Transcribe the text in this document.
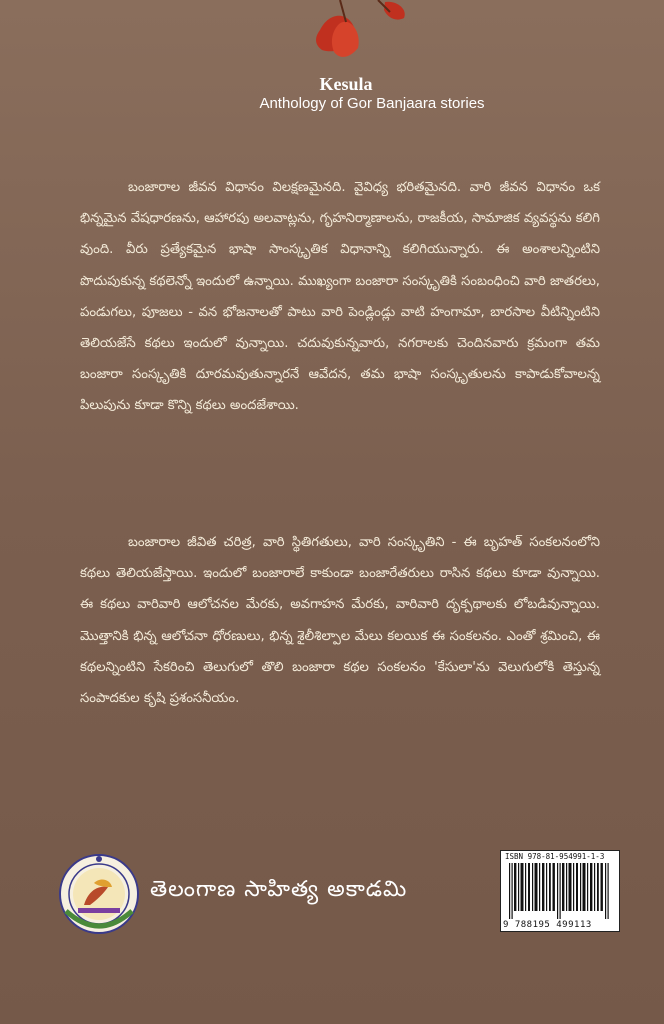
Kesula
Anthology of Gor Banjaara stories

బంజారాల జీవన విధానం విలక్షణమైనది. వైవిధ్య భరితమైనది. వారి జీవన విధానం ఒక భిన్నమైన వేషధారణను, ఆహారపు అలవాట్లను, గృహనిర్మాణాలను, రాజకీయ, సామాజిక వ్యవస్థను కలిగి వుంది. వీరు ప్రత్యేకమైన భాషా సాంస్కృతిక విధానాన్ని కలిగియున్నారు. ఈ అంశాలన్నింటిని పొదుపుకున్న కథలెన్నో ఇందులో ఉన్నాయి. ముఖ్యంగా బంజారా సంస్కృతికి సంబంధించి వారి జాతరలు, పండుగలు, పూజలు - వన భోజనాలతో పాటు వారి పెండ్లిండ్లు వాటి హంగామా, బారసాల వీటిన్నింటిని తెలియజేసే కథలు ఇందులో వున్నాయి. చదువుకున్నవారు, నగరాలకు చెందినవారు క్రమంగా తమ బంజారా సంస్కృతికి దూరమవుతున్నారనే ఆవేదన, తమ భాషా సంస్కృతులను కాపాడుకోవాలన్న పిలుపును కూడా కొన్ని కథలు అందజేశాయి.

బంజారాల జీవిత చరిత్ర, వారి స్థితిగతులు, వారి సంస్కృతిని - ఈ బృహత్ సంకలనంలోని కథలు తెలియజేస్తాయి. ఇందులో బంజారాలే కాకుండా బంజారేతరులు రాసిన కథలు కూడా వున్నాయి. ఈ కథలు వారివారి ఆలోచనల మేరకు, అవగాహన మేరకు, వారివారి దృక్పథాలకు లోబడివున్నాయి. మొత్తానికి భిన్న ఆలోచనా ధోరణులు, భిన్న శైలీశిల్పాల మేలు కలయిక ఈ సంకలనం. ఎంతో శ్రమించి, ఈ కథలన్నింటిని సేకరించి తెలుగులో తొలి బంజారా కథల సంకలనం 'కేసులా'ను వెలుగులోకి తెస్తున్న సంపాదకుల కృషి ప్రశంసనీయం.

తెలంగాణ సాహిత్య అకాడమి
ISBN 978-81-954991-1-3
9 788195 499113
